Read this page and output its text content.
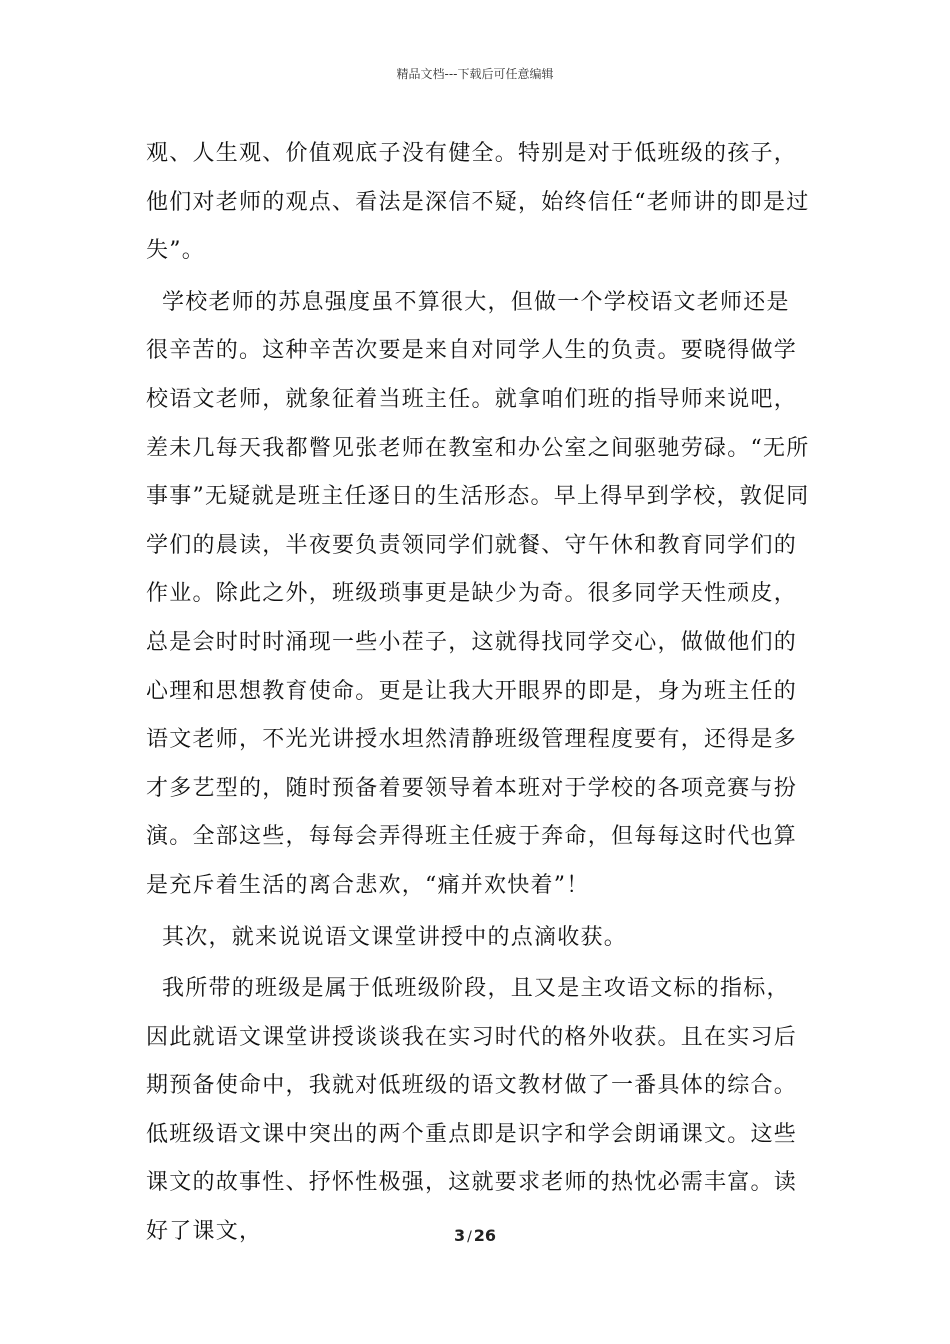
精品文档---下载后可任意编辑

观、人生观、价值观底子没有健全。特别是对于低班级的孩子，他们对老师的观点、看法是深信不疑，始终信任“老师讲的即是过失”。

学校老师的苏息强度虽不算很大，但做一个学校语文老师还是很辛苦的。这种辛苦次要是来自对同学人生的负责。要晓得做学校语文老师，就象征着当班主任。就拿咱们班的指导师来说吧，差未几每天我都瞥见张老师在教室和办公室之间驱驰劳碌。“无所事事”无疑就是班主任逐日的生活形态。早上得早到学校，敦促同学们的晨读，半夜要负责领同学们就餐、守午休和教育同学们的作业。除此之外，班级琐事更是缺少为奇。很多同学天性顽皮，总是会时时时涌现一些小茬子，这就得找同学交心，做做他们的心理和思想教育使命。更是让我大开眼界的即是，身为班主任的语文老师，不光光讲授水坦然清静班级管理程度要有，还得是多才多艺型的，随时预备着要领导着本班对于学校的各项竞赛与扮演。全部这些，每每会弄得班主任疲于奔命，但每每这时代也算是充斥着生活的离合悲欢，“痛并欢快着”！

其次，就来说说语文课堂讲授中的点滴收获。

我所带的班级是属于低班级阶段，且又是主攻语文标的指标，因此就语文课堂讲授谈谈我在实习时代的格外收获。且在实习后期预备使命中，我就对低班级的语文教材做了一番具体的综合。低班级语文课中突出的两个重点即是识字和学会朗诵课文。这些课文的故事性、抒怀性极强，这就要求老师的热忱必需丰富。读好了课文，	3 / 26
